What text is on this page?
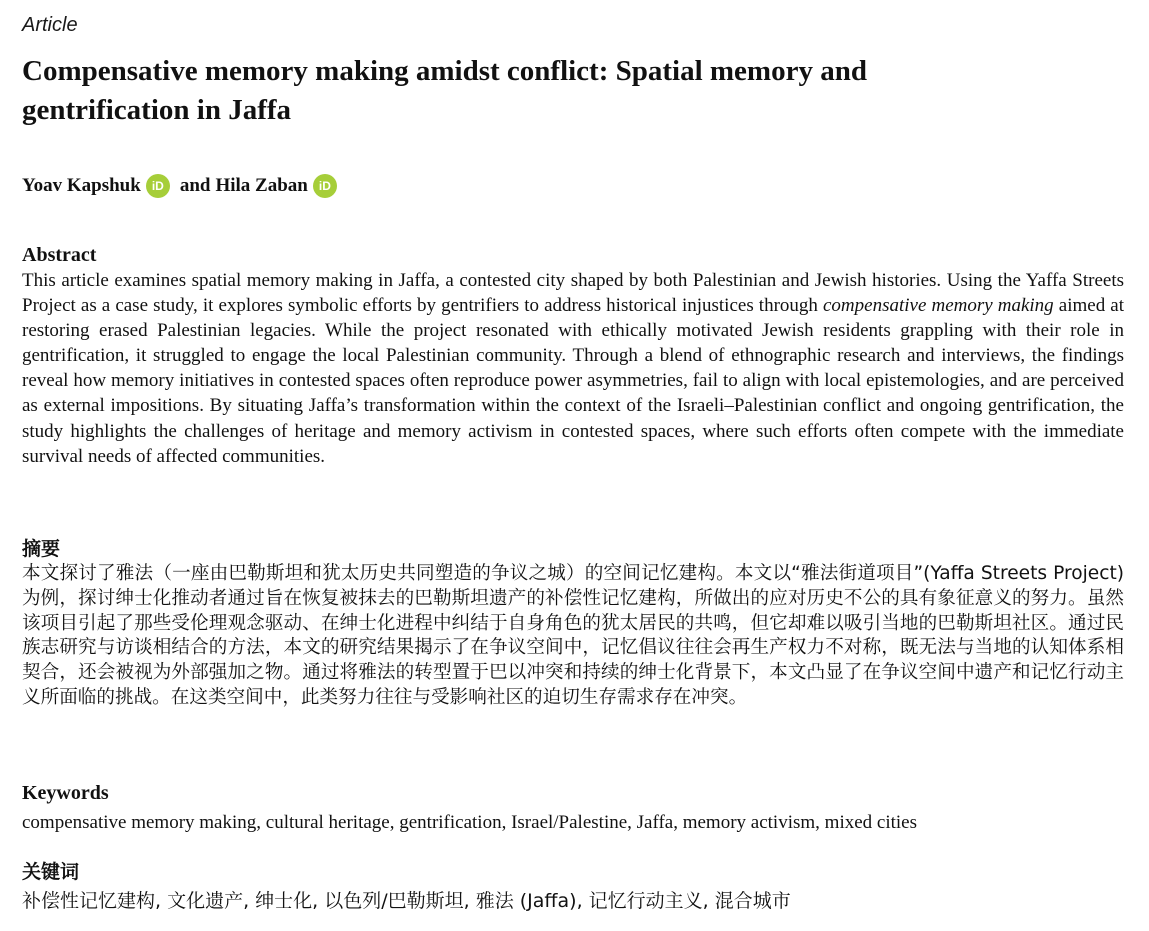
Article
Compensative memory making amidst conflict: Spatial memory and gentrification in Jaffa
Yoav Kapshuk iD and Hila Zaban iD
Abstract

This article examines spatial memory making in Jaffa, a contested city shaped by both Palestinian and Jewish histories. Using the Yaffa Streets Project as a case study, it explores symbolic efforts by gentrifiers to address historical injustices through compensative memory making aimed at restoring erased Palestinian legacies. While the project resonated with ethically motivated Jewish residents grappling with their role in gentrification, it struggled to engage the local Palestinian community. Through a blend of ethnographic research and interviews, the findings reveal how memory initiatives in contested spaces often reproduce power asymmetries, fail to align with local epistemologies, and are perceived as external impositions. By situating Jaffa’s transformation within the context of the Israeli–Palestinian conflict and ongoing gentrification, the study highlights the challenges of heritage and memory activism in contested spaces, where such efforts often compete with the immediate survival needs of affected communities.

摘要

本文探讨了雅法（一座由巴勒斯坦和犹太历史共同塑造的争议之城）的空间记忆建构。本文以“雅法街道项目”(Yaffa Streets Project) 为例，探讨绅士化推动者通过旨在恢复被抹去的巴勒斯坦遗产的补偿性记忆建构，所做出的应对历史不公的具有象征意义的努力。虽然该项目引起了那些受伦理观念驱动、在绅士化进程中纠结于自身角色的犹太居民的共鸣，但它却难以吸引当地的巴勒斯坦社区。通过民族志研究与访谈相结合的方法，本文的研究结果揭示了在争议空间中，记忆倡议往往会再生产权力不对称，既无法与当地的认知体系相契合，还会被视为外部强加之物。通过将雅法的转型置于巴以冲突和持续的绅士化背景下，本文凸显了在争议空间中遗产和记忆行动主义所面临的挑战。在这类空间中，此类努力往往与受影响社区的迫切生存需求存在冲突。

Keywords
compensative memory making, cultural heritage, gentrification, Israel/Palestine, Jaffa, memory activism, mixed cities
关键词
补偿性记忆建构, 文化遗产, 绅士化, 以色列/巴勒斯坦, 雅法 (Jaffa), 记忆行动主义, 混合城市
